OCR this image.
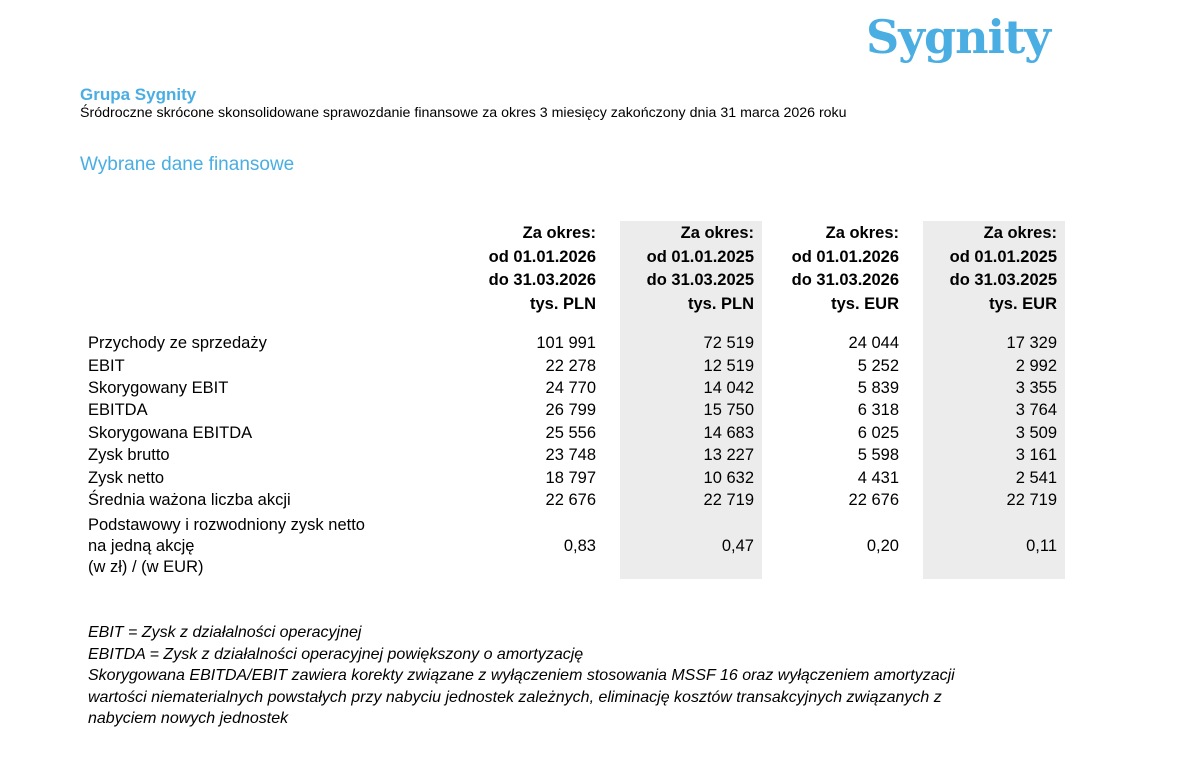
Sygnity
Grupa Sygnity
Śródroczne skrócone skonsolidowane sprawozdanie finansowe za okres 3 miesięcy zakończony dnia 31 marca 2026 roku
Wybrane dane finansowe
Za okres:
od 01.01.2026
do 31.03.2026
tys. PLN
Za okres:
od 01.01.2025
do 31.03.2025
tys. PLN
Za okres:
od 01.01.2026
do 31.03.2026
tys. EUR
Za okres:
od 01.01.2025
do 31.03.2025
tys. EUR
Przychody ze sprzedaży	101 991	72 519	24 044	17 329
EBIT	22 278	12 519	5 252	2 992
Skorygowany EBIT	24 770	14 042	5 839	3 355
EBITDA	26 799	15 750	6 318	3 764
Skorygowana EBITDA	25 556	14 683	6 025	3 509
Zysk brutto	23 748	13 227	5 598	3 161
Zysk netto	18 797	10 632	4 431	2 541
Średnia ważona liczba akcji	22 676	22 719	22 676	22 719
Podstawowy i rozwodniony zysk netto
na jedną akcję
(w zł) / (w EUR)
0,83	0,47	0,20	0,11
EBIT = Zysk z działalności operacyjnej
EBITDA = Zysk z działalności operacyjnej powiększony o amortyzację
Skorygowana EBITDA/EBIT zawiera korekty związane z wyłączeniem stosowania MSSF 16 oraz wyłączeniem amortyzacji
wartości niematerialnych powstałych przy nabyciu jednostek zależnych, eliminację kosztów transakcyjnych związanych z
nabyciem nowych jednostek
